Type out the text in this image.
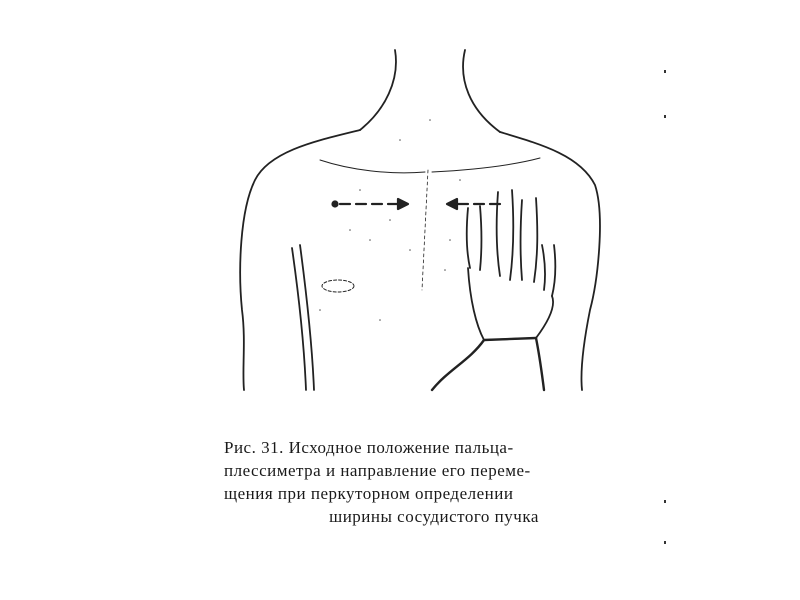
Рис. 31. Исходное положение пальца-
плессиметра и направление его переме-
щения при перкуторном определении
ширины сосудистого пучка
